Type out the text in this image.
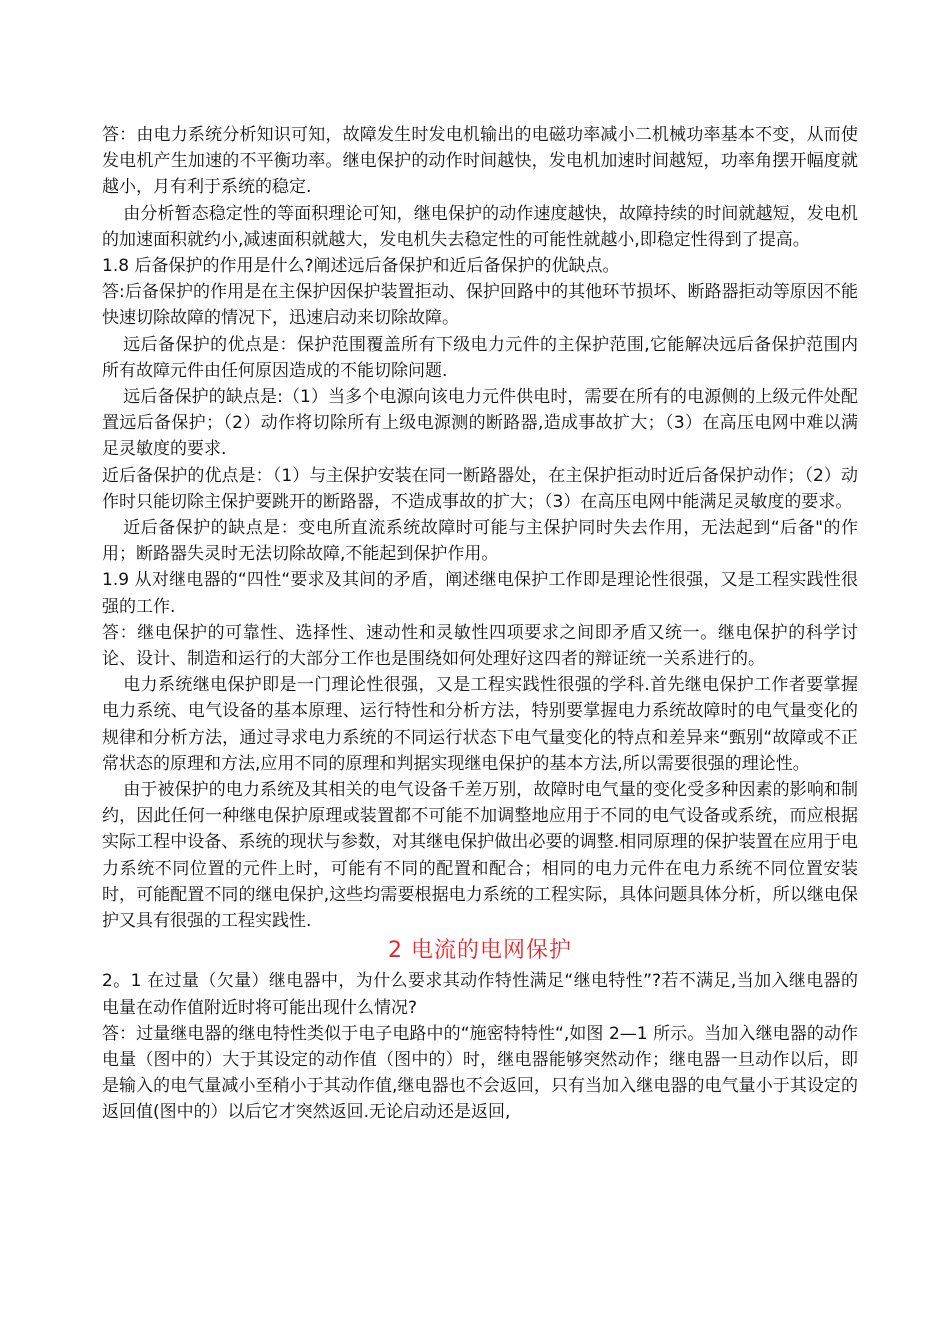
答：由电力系统分析知识可知，故障发生时发电机输出的电磁功率减小二机械功率基本不变，从而使发电机产生加速的不平衡功率。继电保护的动作时间越快，发电机加速时间越短，功率角摆开幅度就越小，月有利于系统的稳定.

由分析暂态稳定性的等面积理论可知，继电保护的动作速度越快，故障持续的时间就越短，发电机的加速面积就约小,减速面积就越大，发电机失去稳定性的可能性就越小,即稳定性得到了提高。

1.8 后备保护的作用是什么?阐述远后备保护和近后备保护的优缺点。

答:后备保护的作用是在主保护因保护装置拒动、保护回路中的其他环节损坏、断路器拒动等原因不能快速切除故障的情况下，迅速启动来切除故障。

远后备保护的优点是：保护范围覆盖所有下级电力元件的主保护范围,它能解决远后备保护范围内所有故障元件由任何原因造成的不能切除问题.

远后备保护的缺点是:（1）当多个电源向该电力元件供电时，需要在所有的电源侧的上级元件处配置远后备保护；（2）动作将切除所有上级电源测的断路器,造成事故扩大；（3）在高压电网中难以满足灵敏度的要求.

近后备保护的优点是：（1）与主保护安装在同一断路器处，在主保护拒动时近后备保护动作；（2）动作时只能切除主保护要跳开的断路器，不造成事故的扩大；（3）在高压电网中能满足灵敏度的要求。

近后备保护的缺点是：变电所直流系统故障时可能与主保护同时失去作用，无法起到“后备"的作用；断路器失灵时无法切除故障,不能起到保护作用。

1.9 从对继电器的“四性“要求及其间的矛盾，阐述继电保护工作即是理论性很强，又是工程实践性很强的工作.

答：继电保护的可靠性、选择性、速动性和灵敏性四项要求之间即矛盾又统一。继电保护的科学讨论、设计、制造和运行的大部分工作也是围绕如何处理好这四者的辩证统一关系进行的。

电力系统继电保护即是一门理论性很强，又是工程实践性很强的学科.首先继电保护工作者要掌握电力系统、电气设备的基本原理、运行特性和分析方法，特别要掌握电力系统故障时的电气量变化的规律和分析方法，通过寻求电力系统的不同运行状态下电气量变化的特点和差异来“甄别“故障或不正常状态的原理和方法,应用不同的原理和判据实现继电保护的基本方法,所以需要很强的理论性。

由于被保护的电力系统及其相关的电气设备千差万别，故障时电气量的变化受多种因素的影响和制约，因此任何一种继电保护原理或装置都不可能不加调整地应用于不同的电气设备或系统，而应根据实际工程中设备、系统的现状与参数，对其继电保护做出必要的调整.相同原理的保护装置在应用于电力系统不同位置的元件上时，可能有不同的配置和配合；相同的电力元件在电力系统不同位置安装时，可能配置不同的继电保护,这些均需要根据电力系统的工程实际，具体问题具体分析，所以继电保护又具有很强的工程实践性.

2 电流的电网保护

2。1 在过量（欠量）继电器中，为什么要求其动作特性满足“继电特性”?若不满足,当加入继电器的电量在动作值附近时将可能出现什么情况?

答：过量继电器的继电特性类似于电子电路中的“施密特特性“,如图 2—1 所示。当加入继电器的动作电量（图中的）大于其设定的动作值（图中的）时，继电器能够突然动作；继电器一旦动作以后，即是输入的电气量减小至稍小于其动作值,继电器也不会返回，只有当加入继电器的电气量小于其设定的返回值(图中的）以后它才突然返回.无论启动还是返回,
